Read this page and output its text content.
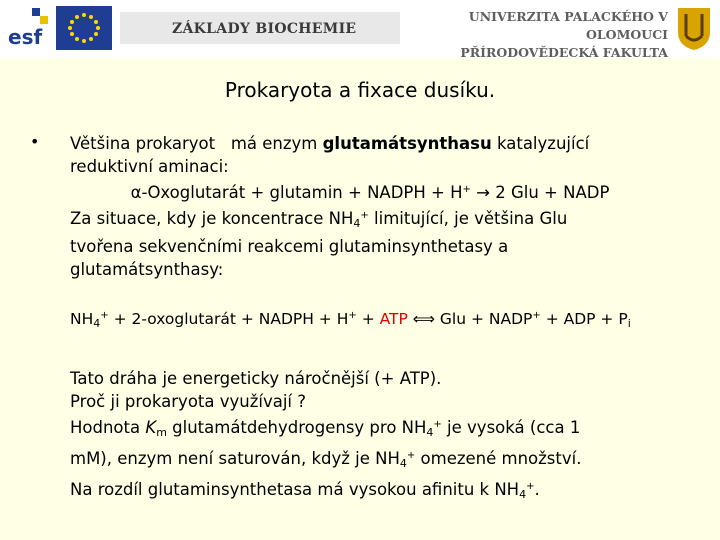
esf	ZÁKLADY BIOCHEMIE
UNIVERZITA PALACKÉHO V OLOMOUCI
PŘÍRODOVĚDECKÁ FAKULTA
Prokaryota a fixace dusíku.
• Většina prokaryot   má enzym glutamátsynthasu katalyzující
reduktivní aminaci:
α-Oxoglutarát + glutamin + NADPH + H+ → 2 Glu + NADP
Za situace, kdy je koncentrace $NH_4^+$ limitující, je většina Glu
tvořena sekvenčními reakcemi glutaminsynthetasy a
glutamátsynthasy:
$NH_4^+$ + 2-oxoglutarát + NADPH + H+ + ATP ⟺ Glu + NADP+ + ADP + $P_i$
Tato dráha je energeticky náročnější (+ ATP).
Proč ji prokaryota využívají ?
Hodnota $K_m$ glutamátdehydrogensy pro $NH_4^+$ je vysoká (cca 1
mM), enzym není saturován, když je $NH_4^+$ omezené množství.
Na rozdíl glutaminsynthetasa má vysokou afinitu k $NH_4^+$.
